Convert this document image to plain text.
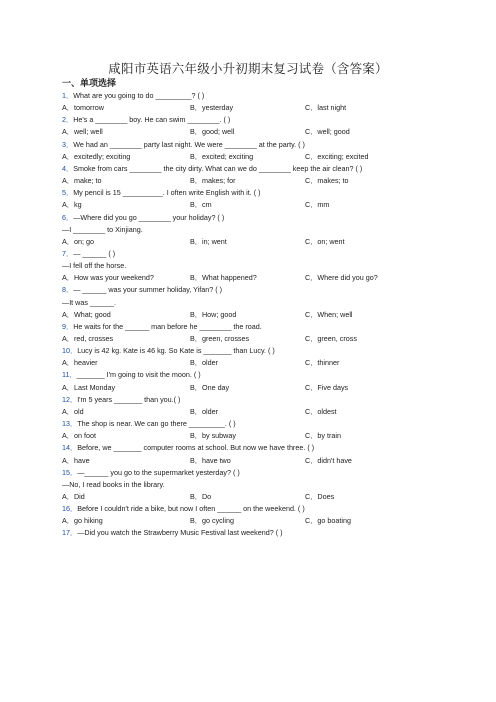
咸阳市英语六年级小升初期末复习试卷（含答案）
一、单项选择
1．What are you going to do _________? ( )
A．tomorrow	B．yesterday	C．last night
2．He's a ________ boy. He can swim ________. ( )
A．well; well	B．good; well	C．well; good
3．We had an ________ party last night. We were ________ at the party. ( )
A．excitedly; exciting	B．excited; exciting	C．exciting; excited
4．Smoke from cars ________ the city dirty. What can we do ________ keep the air clean? ( )
A．make; to	B．makes; for	C．makes; to
5．My pencil is 15 __________. I often write English with it. ( )
A．kg	B．cm	C．mm
6．—Where did you go ________ your holiday? ( )
—I ________ to Xinjiang.
A．on; go	B．in; went	C．on; went
7．— ______ ( )
—I fell off the horse.
A．How was your weekend?	B．What happened?	C．Where did you go?
8．— ______ was your summer holiday, Yifan? ( )
—It was ______.
A．What; good	B．How; good	C．When; well
9．He waits for the ______ man before he ________ the road.
A．red, crosses	B．green, crosses	C．green, cross
10．Lucy is 42 kg. Kate is 46 kg. So Kate is _______ than Lucy. ( )
A．heavier	B．older	C．thinner
11．_______ I'm going to visit the moon. ( )
A．Last Monday	B．One day	C．Five days
12．I'm 5 years _______ than you.( )
A．old	B．older	C．oldest
13．The shop is near. We can go there _________. ( )
A．on foot	B．by subway	C．by train
14．Before, we _______ computer rooms at school. But now we have three. ( )
A．have	B．have two	C．didn't have
15．—______ you go to the supermarket yesterday? ( )
—No, I read books in the library.
A．Did	B．Do	C．Does
16．Before I couldn't ride a bike, but now I often ______ on the weekend. ( )
A．go hiking	B．go cycling	C．go boating
17．—Did you watch the Strawberry Music Festival last weekend? ( )
